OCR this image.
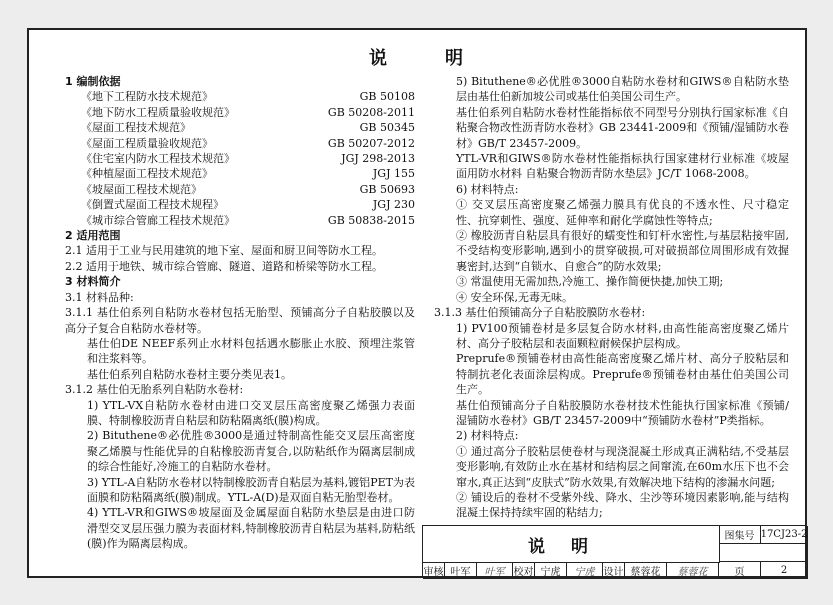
说	明
1 编制依据
《地下工程防水技术规范》	GB 50108
《地下防水工程质量验收规范》	GB 50208-2011
《屋面工程技术规范》	GB 50345
《屋面工程质量验收规范》	GB 50207-2012
《住宅室内防水工程技术规范》	JGJ 298-2013
《种植屋面工程技术规范》	JGJ 155
《坡屋面工程技术规范》	GB 50693
《倒置式屋面工程技术规程》	JGJ 230
《城市综合管廊工程技术规范》	GB 50838-2015
2 适用范围
2.1 适用于工业与民用建筑的地下室、屋面和厨卫间等防水工程。
2.2 适用于地铁、城市综合管廊、隧道、道路和桥梁等防水工程。
3 材料简介
3.1 材料品种:
3.1.1 基仕伯系列自粘防水卷材包括无胎型、预铺高分子自粘胶膜以及高分子复合自粘防水卷材等。
基仕伯DE NEEF系列止水材料包括遇水膨胀止水胶、预埋注浆管和注浆料等。
基仕伯系列自粘防水卷材主要分类见表1。
3.1.2 基仕伯无胎系列自粘防水卷材:
1) YTL-VX自粘防水卷材由进口交叉层压高密度聚乙烯强力表面膜、特制橡胶沥青自粘层和防粘隔离纸(膜)构成。
2) Bituthene®必优胜®3000是通过特制高性能交叉层压高密度聚乙烯膜与性能优异的自粘橡胶沥青复合,以防粘纸作为隔离层制成的综合性能好,冷施工的自粘防水卷材。
3) YTL-A自粘防水卷材以特制橡胶沥青自粘层为基料,镀铝PET为表面膜和防粘隔离纸(膜)制成。YTL-A(D)是双面自粘无胎型卷材。
4) YTL-VR和GIWS®坡屋面及金属屋面自粘防水垫层是由进口防滑型交叉层压强力膜为表面材料,特制橡胶沥青自粘层为基料,防粘纸(膜)作为隔离层构成。
5) Bituthene®必优胜®3000自粘防水卷材和GIWS®自粘防水垫层由基仕伯新加坡公司或基仕伯美国公司生产。
基仕伯系列自粘防水卷材性能指标依不同型号分别执行国家标准《自粘聚合物改性沥青防水卷材》GB 23441-2009和《预铺/湿铺防水卷材》GB/T 23457-2009。
YTL-VR和GIWS®防水卷材性能指标执行国家建材行业标准《坡屋面用防水材料 自粘聚合物沥青防水垫层》JC/T 1068-2008。
6) 材料特点:
① 交叉层压高密度聚乙烯强力膜具有优良的不透水性、尺寸稳定性、抗穿刺性、强度、延伸率和耐化学腐蚀性等特点;
② 橡胶沥青自粘层具有很好的蠕变性和钉杆水密性,与基层粘接牢固,不受结构变形影响,遇到小的贯穿破损,可对破损部位周围形成有效握裹密封,达到“自锁水、自愈合”的防水效果;
③ 常温使用无需加热,冷施工、操作简便快捷,加快工期;
④ 安全环保,无毒无味。
3.1.3 基仕伯预铺高分子自粘胶膜防水卷材:
1) PV100预铺卷材是多层复合防水材料,由高性能高密度聚乙烯片材、高分子胶粘层和表面颗粒耐候保护层构成。
Preprufe®预铺卷材由高性能高密度聚乙烯片材、高分子胶粘层和特制抗老化表面涂层构成。Preprufe®预铺卷材由基仕伯美国公司生产。
基仕伯预铺高分子自粘胶膜防水卷材技术性能执行国家标准《预铺/湿铺防水卷材》GB/T 23457-2009中“预铺防水卷材”P类指标。
2) 材料特点:
① 通过高分子胶粘层使卷材与现浇混凝土形成真正满粘结,不受基层变形影响,有效防止水在基材和结构层之间窜流,在60m水压下也不会窜水,真正达到“皮肤式”防水效果,有效解决地下结构的渗漏水问题;
② 铺设后的卷材不受紫外线、降水、尘沙等环境因素影响,能与结构混凝土保持持续牢固的粘结力;
说明	图集号 17CJ23-2
审核 叶军	叶军 校对 宁虎	宁虎 设计 蔡蓉花	蔡蓉花	页	2
